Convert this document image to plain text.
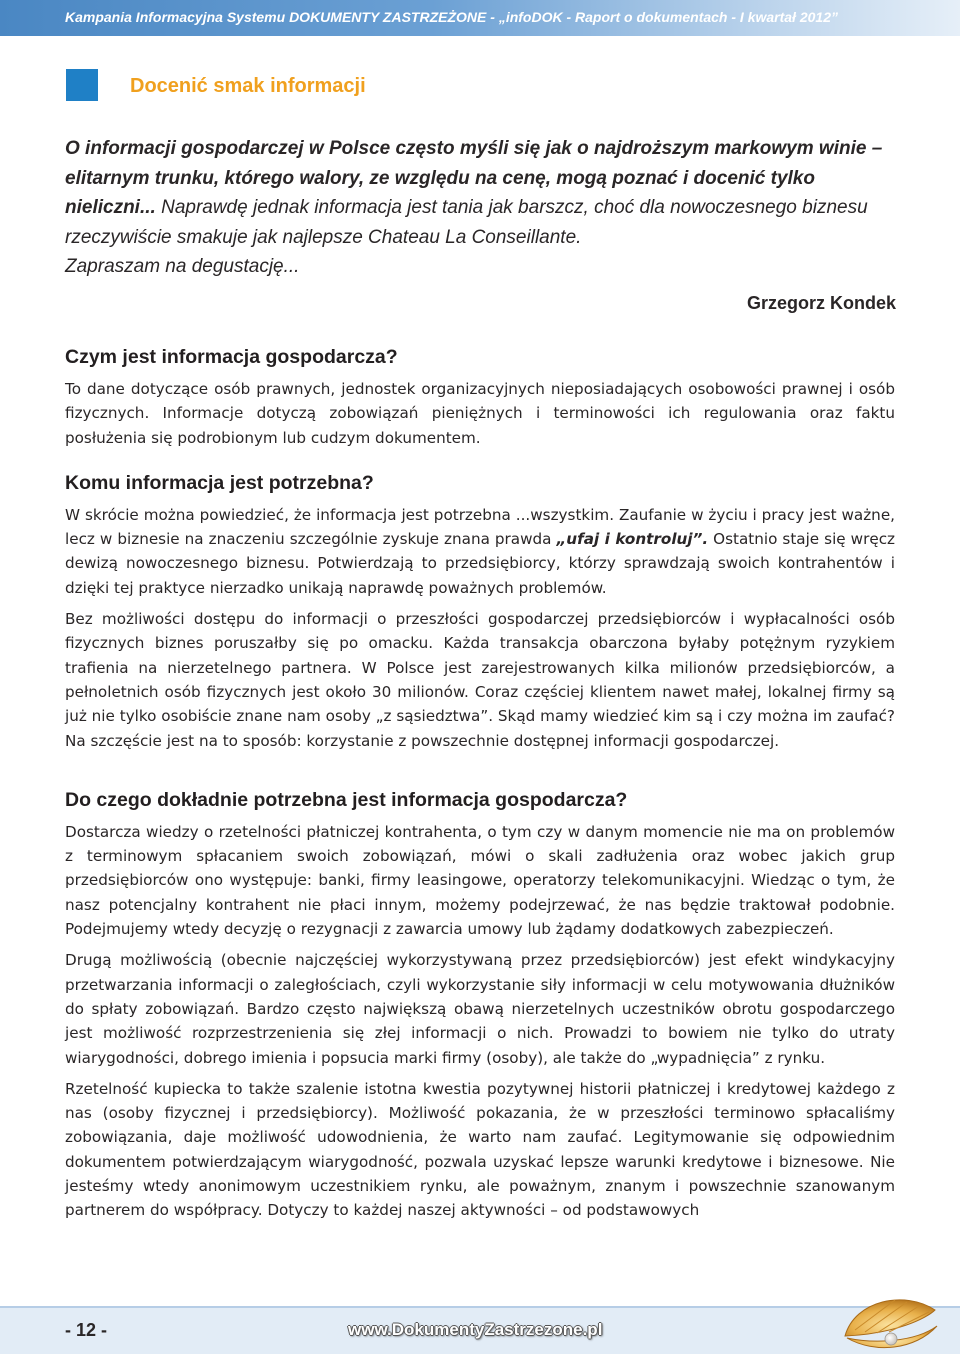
Kampania Informacyjna Systemu DOKUMENTY ZASTRZEŻONE - „infoDOK - Raport o dokumentach - I kwartał 2012”
Docenić smak informacji
O informacji gospodarczej w Polsce często myśli się jak o najdroższym markowym winie – elitarnym trunku, którego walory, ze względu na cenę, mogą poznać i docenić tylko nieliczni... Naprawdę jednak informacja jest tania jak barszcz, choć dla nowoczesnego biznesu rzeczywiście smakuje jak najlepsze Chateau La Conseillante.
Zapraszam na degustację...
Grzegorz Kondek
Czym jest informacja gospodarcza?

To dane dotyczące osób prawnych, jednostek organizacyjnych nieposiadających osobowości prawnej i osób fizycznych. Informacje dotyczą zobowiązań pieniężnych i terminowości ich regulowania oraz faktu posłużenia się podrobionym lub cudzym dokumentem.

Komu informacja jest potrzebna?

W skrócie można powiedzieć, że informacja jest potrzebna ...wszystkim. Zaufanie w życiu i pracy jest ważne, lecz w biznesie na znaczeniu szczególnie zyskuje znana prawda „ufaj i kontroluj”. Ostatnio staje się wręcz dewizą nowoczesnego biznesu. Potwierdzają to przedsiębiorcy, którzy sprawdzają swoich kontrahentów i dzięki tej praktyce nierzadko unikają naprawdę poważnych problemów.

Bez możliwości dostępu do informacji o przeszłości gospodarczej przedsiębiorców i wypłacalności osób fizycznych biznes poruszałby się po omacku. Każda transakcja obarczona byłaby potężnym ryzykiem trafienia na nierzetelnego partnera. W Polsce jest zarejestrowanych kilka milionów przedsiębiorców, a pełnoletnich osób fizycznych jest około 30 milionów. Coraz częściej klientem nawet małej, lokalnej firmy są już nie tylko osobiście znane nam osoby „z sąsiedztwa”. Skąd mamy wiedzieć kim są i czy można im zaufać? Na szczęście jest na to sposób: korzystanie z powszechnie dostępnej informacji gospodarczej.

Do czego dokładnie potrzebna jest informacja gospodarcza?

Dostarcza wiedzy o rzetelności płatniczej kontrahenta, o tym czy w danym momencie nie ma on problemów z terminowym spłacaniem swoich zobowiązań, mówi o skali zadłużenia oraz wobec jakich grup przedsiębiorców ono występuje: banki, firmy leasingowe, operatorzy telekomunikacyjni. Wiedząc o tym, że nasz potencjalny kontrahent nie płaci innym, możemy podejrzewać, że nas będzie traktował podobnie. Podejmujemy wtedy decyzję o rezygnacji z zawarcia umowy lub żądamy dodatkowych zabezpieczeń.

Drugą możliwością (obecnie najczęściej wykorzystywaną przez przedsiębiorców) jest efekt windykacyjny przetwarzania informacji o zaległościach, czyli wykorzystanie siły informacji w celu motywowania dłużników do spłaty zobowiązań. Bardzo często największą obawą nierzetelnych uczestników obrotu gospodarczego jest możliwość rozprzestrzenienia się złej informacji o nich. Prowadzi to bowiem nie tylko do utraty wiarygodności, dobrego imienia i popsucia marki firmy (osoby), ale także do „wypadnięcia” z rynku.

Rzetelność kupiecka to także szalenie istotna kwestia pozytywnej historii płatniczej i kredytowej każdego z nas (osoby fizycznej i przedsiębiorcy). Możliwość pokazania, że w przeszłości terminowo spłacaliśmy zobowiązania, daje możliwość udowodnienia, że warto nam zaufać. Legitymowanie się odpowiednim dokumentem potwierdzającym wiarygodność, pozwala uzyskać lepsze warunki kredytowe i biznesowe. Nie jesteśmy wtedy anonimowym uczestnikiem rynku, ale poważnym, znanym i powszechnie szanowanym partnerem do współpracy. Dotyczy to każdej naszej aktywności – od podstawowych

- 12 -	www.DokumentyZastrzezone.pl
